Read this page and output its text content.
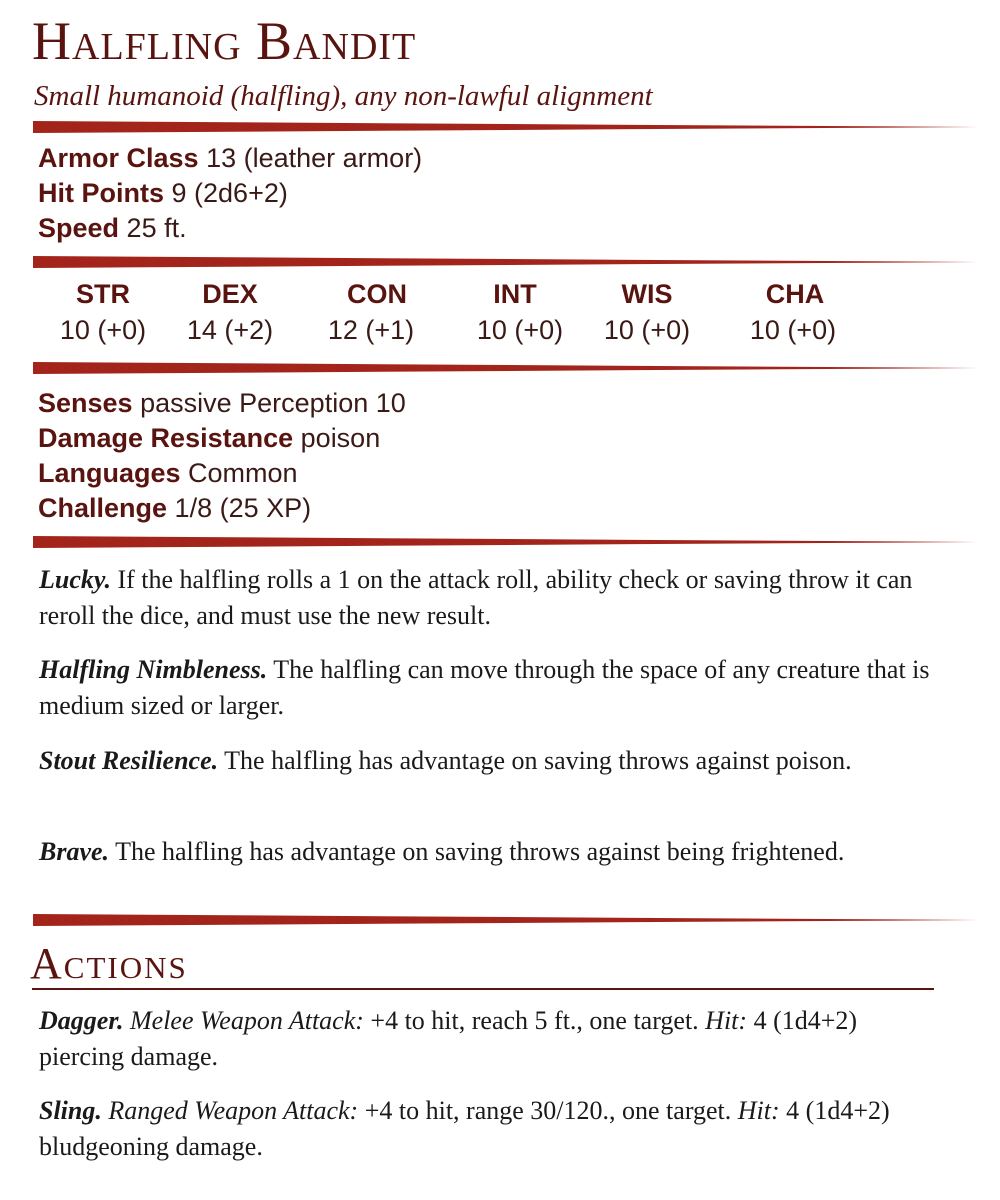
Halfling Bandit
Small humanoid (halfling), any non-lawful alignment
Armor Class 13 (leather armor)
Hit Points 9 (2d6+2)
Speed 25 ft.
STR
10 (+0)
DEX
14 (+2)
CON
12 (+1)
INT
10 (+0)
WIS
10 (+0)
CHA
10 (+0)
Senses passive Perception 10
Damage Resistance poison
Languages Common
Challenge 1/8 (25 XP)
Lucky. If the halfling rolls a 1 on the attack roll, ability check or saving throw it can reroll the dice, and must use the new result.
Halfling Nimbleness. The halfling can move through the space of any creature that is medium sized or larger.
Stout Resilience. The halfling has advantage on saving throws against poison.
Brave. The halfling has advantage on saving throws against being frightened.
Actions
Dagger. Melee Weapon Attack: +4 to hit, reach 5 ft., one target. Hit: 4 (1d4+2) piercing damage.
Sling. Ranged Weapon Attack: +4 to hit, range 30/120., one target. Hit: 4 (1d4+2) bludgeoning damage.
